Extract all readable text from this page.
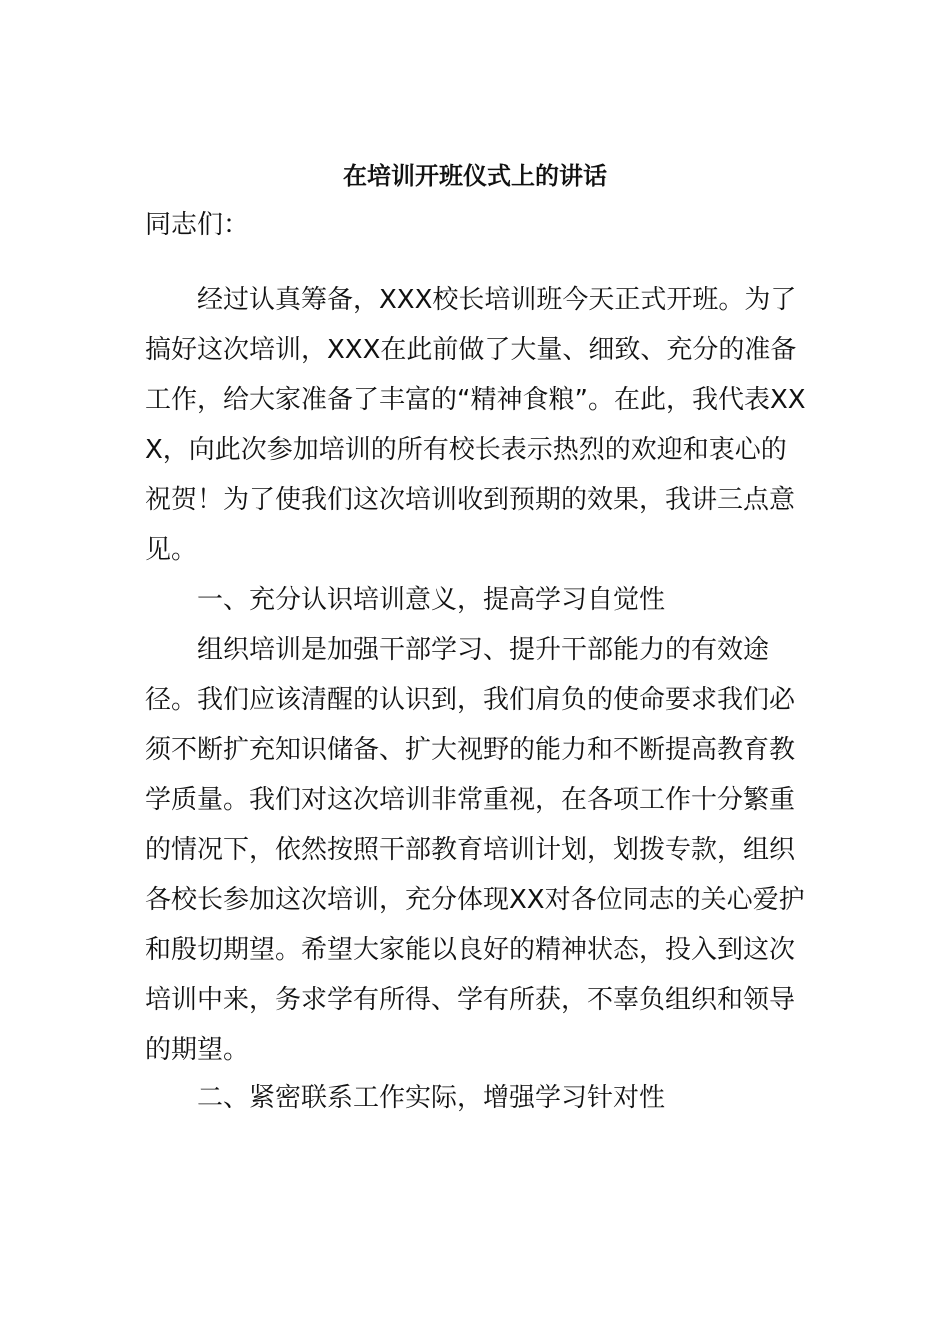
在培训开班仪式上的讲话

同志们：

经过认真筹备，XXX校长培训班今天正式开班。为了搞好这次培训，XXX在此前做了大量、细致、充分的准备工作，给大家准备了丰富的“精神食粮”。在此，我代表XXX，向此次参加培训的所有校长表示热烈的欢迎和衷心的祝贺！为了使我们这次培训收到预期的效果，我讲三点意见。

一、充分认识培训意义，提高学习自觉性

组织培训是加强干部学习、提升干部能力的有效途径。我们应该清醒的认识到，我们肩负的使命要求我们必须不断扩充知识储备、扩大视野的能力和不断提高教育教学质量。我们对这次培训非常重视，在各项工作十分繁重的情况下，依然按照干部教育培训计划，划拨专款，组织各校长参加这次培训，充分体现XX对各位同志的关心爱护和殷切期望。希望大家能以良好的精神状态，投入到这次培训中来，务求学有所得、学有所获，不辜负组织和领导的期望。

二、紧密联系工作实际，增强学习针对性
